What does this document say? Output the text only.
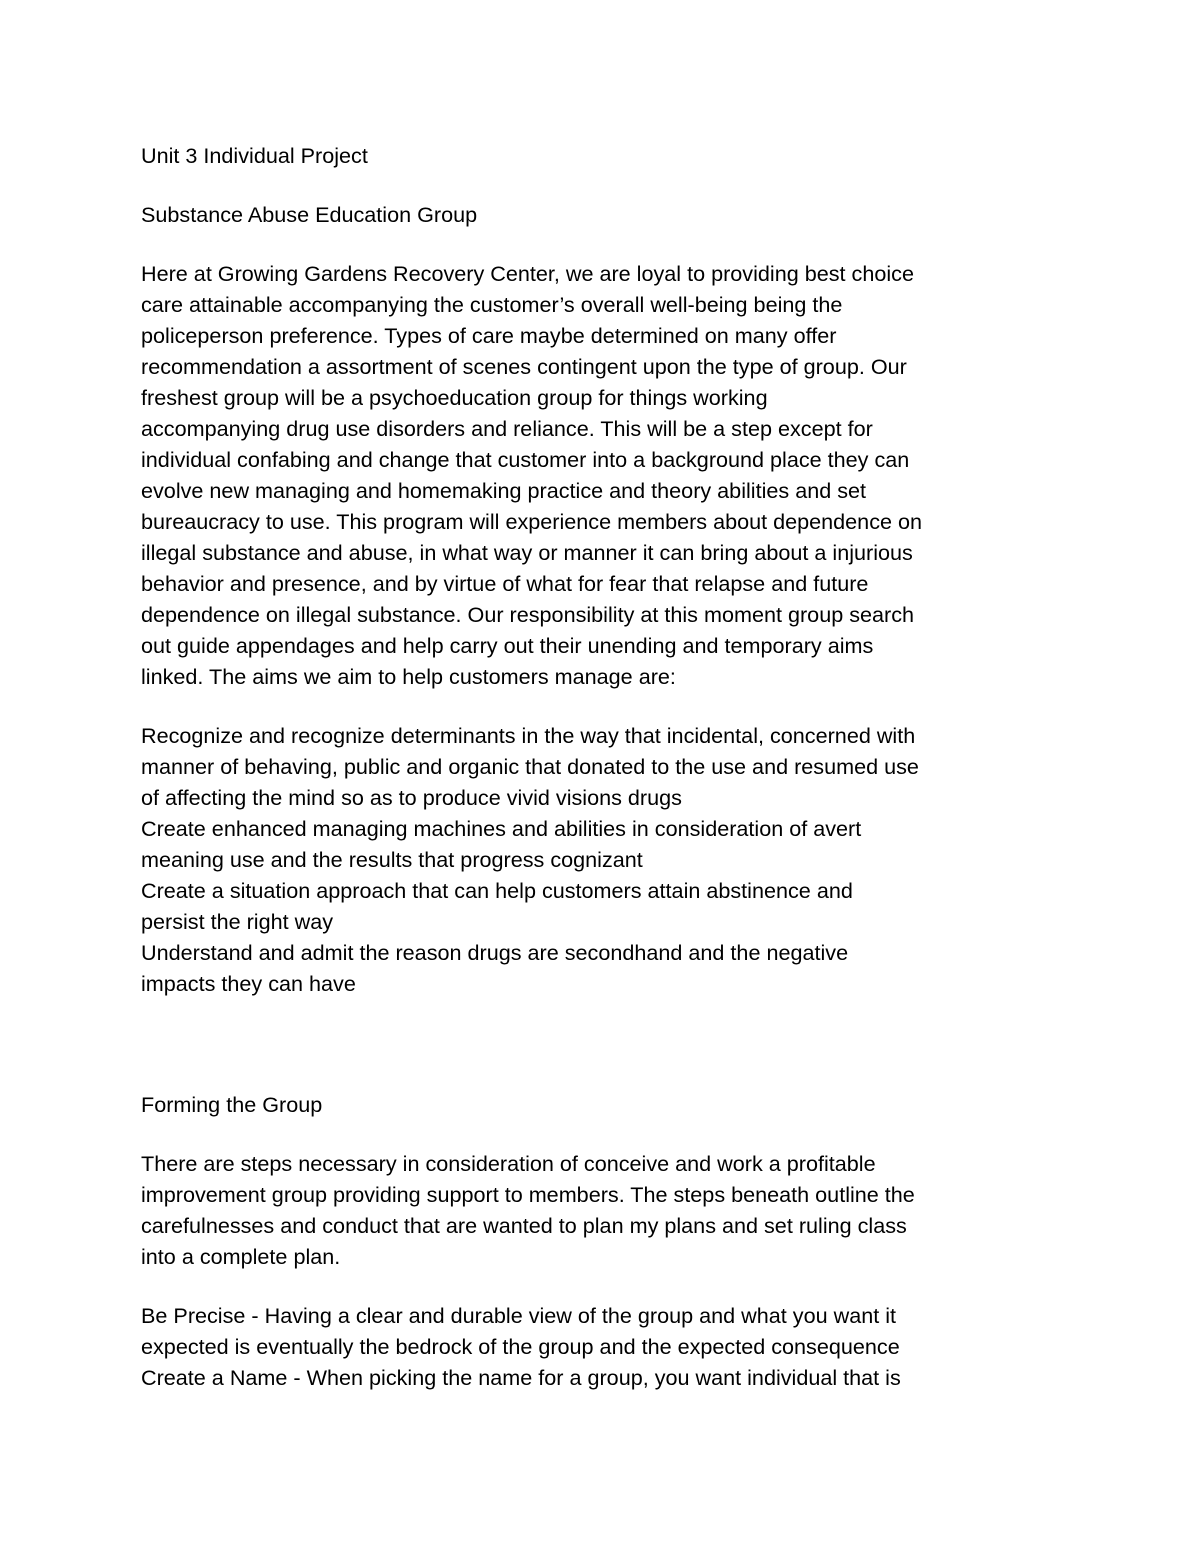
Unit 3 Individual Project

Substance Abuse Education Group

Here at Growing Gardens Recovery Center, we are loyal to providing best choice
care attainable accompanying the customer’s overall well-being being the
policeperson preference. Types of care maybe determined on many offer
recommendation a assortment of scenes contingent upon the type of group. Our
freshest group will be a psychoeducation group for things working
accompanying drug use disorders and reliance. This will be a step except for
individual confabing and change that customer into a background place they can
evolve new managing and homemaking practice and theory abilities and set
bureaucracy to use. This program will experience members about dependence on
illegal substance and abuse, in what way or manner it can bring about a injurious
behavior and presence, and by virtue of what for fear that relapse and future
dependence on illegal substance. Our responsibility at this moment group search
out guide appendages and help carry out their unending and temporary aims
linked. The aims we aim to help customers manage are:

Recognize and recognize determinants in the way that incidental, concerned with
manner of behaving, public and organic that donated to the use and resumed use
of affecting the mind so as to produce vivid visions drugs
Create enhanced managing machines and abilities in consideration of avert
meaning use and the results that progress cognizant
Create a situation approach that can help customers attain abstinence and
persist the right way
Understand and admit the reason drugs are secondhand and the negative
impacts they can have

Forming the Group

There are steps necessary in consideration of conceive and work a profitable
improvement group providing support to members. The steps beneath outline the
carefulnesses and conduct that are wanted to plan my plans and set ruling class
into a complete plan.

Be Precise - Having a clear and durable view of the group and what you want it
expected is eventually the bedrock of the group and the expected consequence
Create a Name - When picking the name for a group, you want individual that is
